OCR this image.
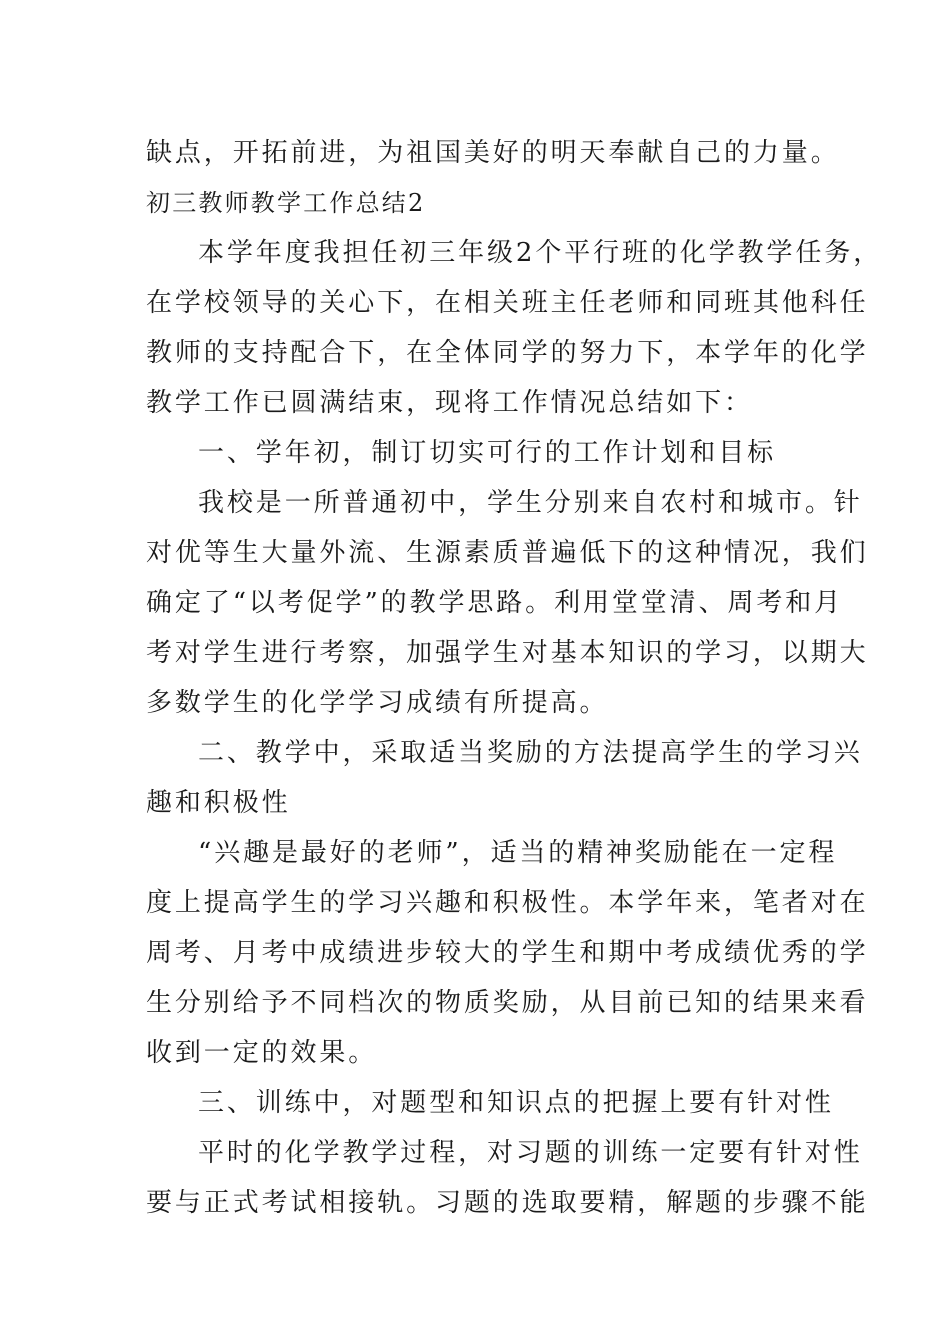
缺点，开拓前进，为祖国美好的明天奉献自己的力量。
初三教师教学工作总结2
本学年度我担任初三年级2个平行班的化学教学任务，
在学校领导的关心下，在相关班主任老师和同班其他科任
教师的支持配合下，在全体同学的努力下，本学年的化学
教学工作已圆满结束，现将工作情况总结如下：
一、学年初，制订切实可行的工作计划和目标
我校是一所普通初中，学生分别来自农村和城市。针
对优等生大量外流、生源素质普遍低下的这种情况，我们
确定了“以考促学”的教学思路。利用堂堂清、周考和月
考对学生进行考察，加强学生对基本知识的学习，以期大
多数学生的化学学习成绩有所提高。
二、教学中，采取适当奖励的方法提高学生的学习兴
趣和积极性
“兴趣是最好的老师”，适当的精神奖励能在一定程
度上提高学生的学习兴趣和积极性。本学年来，笔者对在
周考、月考中成绩进步较大的学生和期中考成绩优秀的学
生分别给予不同档次的物质奖励，从目前已知的结果来看
收到一定的效果。
三、训练中，对题型和知识点的把握上要有针对性
平时的化学教学过程，对习题的训练一定要有针对性
要与正式考试相接轨。习题的选取要精，解题的步骤不能
